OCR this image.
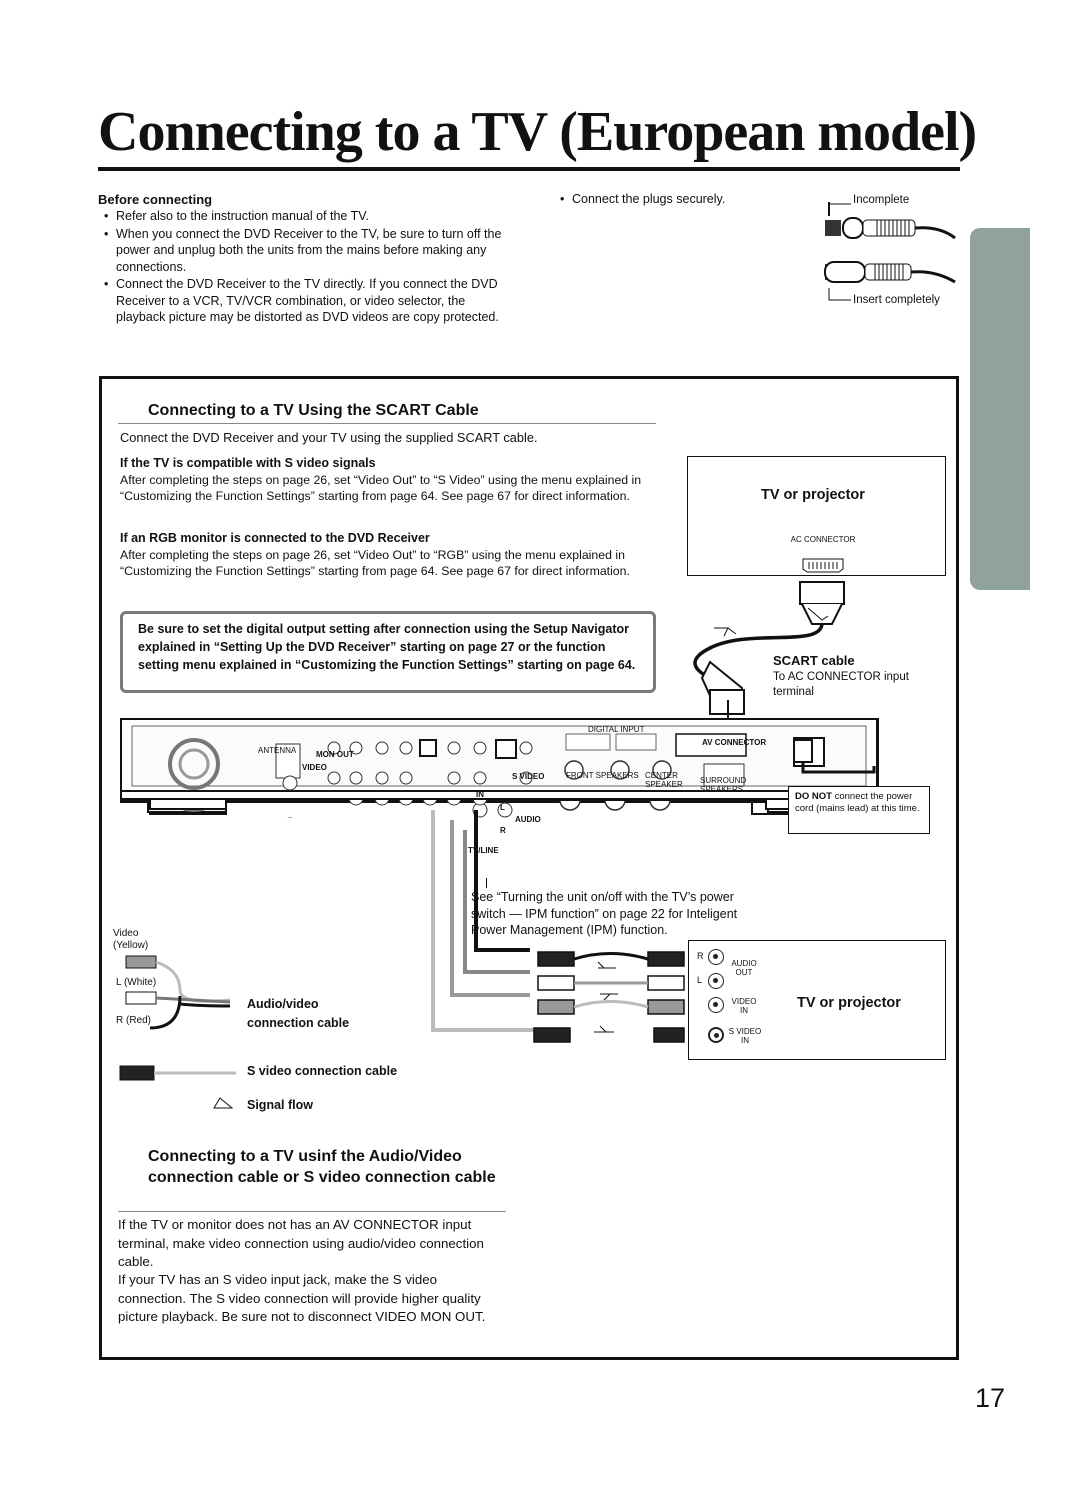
Connecting to a TV (European model)
Before connecting
• Refer also to the instruction manual of the TV.
• When you connect the DVD Receiver to the TV, be sure to turn off the power and unplug both the units from the mains before making any connections.
• Connect the DVD Receiver to the TV directly. If you connect the DVD Receiver to a VCR, TV/VCR combination, or video selector, the playback picture may be distorted as DVD videos are copy protected.
• Connect the plugs securely.	Incomplete
Insert completely
Connecting to a TV Using the SCART Cable
Connect the DVD Receiver and your TV using the supplied SCART cable.
If the TV is compatible with S video signals
After completing the steps on page 26, set “Video Out” to “S Video” using the menu explained in “Customizing the Function Settings” starting from page 64. See page 67 for direct information.
If an RGB monitor is connected to the DVD Receiver
After completing the steps on page 26, set “Video Out” to “RGB” using the menu explained in “Customizing the Function Settings” starting from page 64. See page 67 for direct information.
Be sure to set the digital output setting after connection using the Setup Navigator explained in “Setting Up the DVD Receiver” starting on page 27 or the function setting menu explained in “Customizing the Function Settings” starting on page 64.
TV or projector
AC CONNECTOR
SCART cable
To AC CONNECTOR input terminal
ANTENNA MON OUT
VIDEO
DIGITAL INPUT
S VIDEO	FRONT SPEAKERS CENTER SPEAKER SURROUND SPEAKERS
AUDIO
TV/LINE
AV CONNECTOR
IN
L
R
DO NOT connect the power cord (mains lead) at this time.
See “Turning the unit on/off with the TV’s power switch — IPM function” on page 22 for Inteligent Power Management (IPM) function.
TV or projector
R
L
AUDIO OUT
VIDEO IN
S VIDEO IN
Video (Yellow)
L (White)
R (Red)
Audio/video connection cable
S video connection cable
Signal flow
Connecting to a TV usinf the Audio/Video connection cable or S video connection cable
If the TV or monitor does not has an AV CONNECTOR input terminal, make video connection using audio/video connection cable.
If your TV has an S video input jack, make the S video connection. The S video connection will provide higher quality picture playback. Be sure not to disconnect VIDEO MON OUT.
17
